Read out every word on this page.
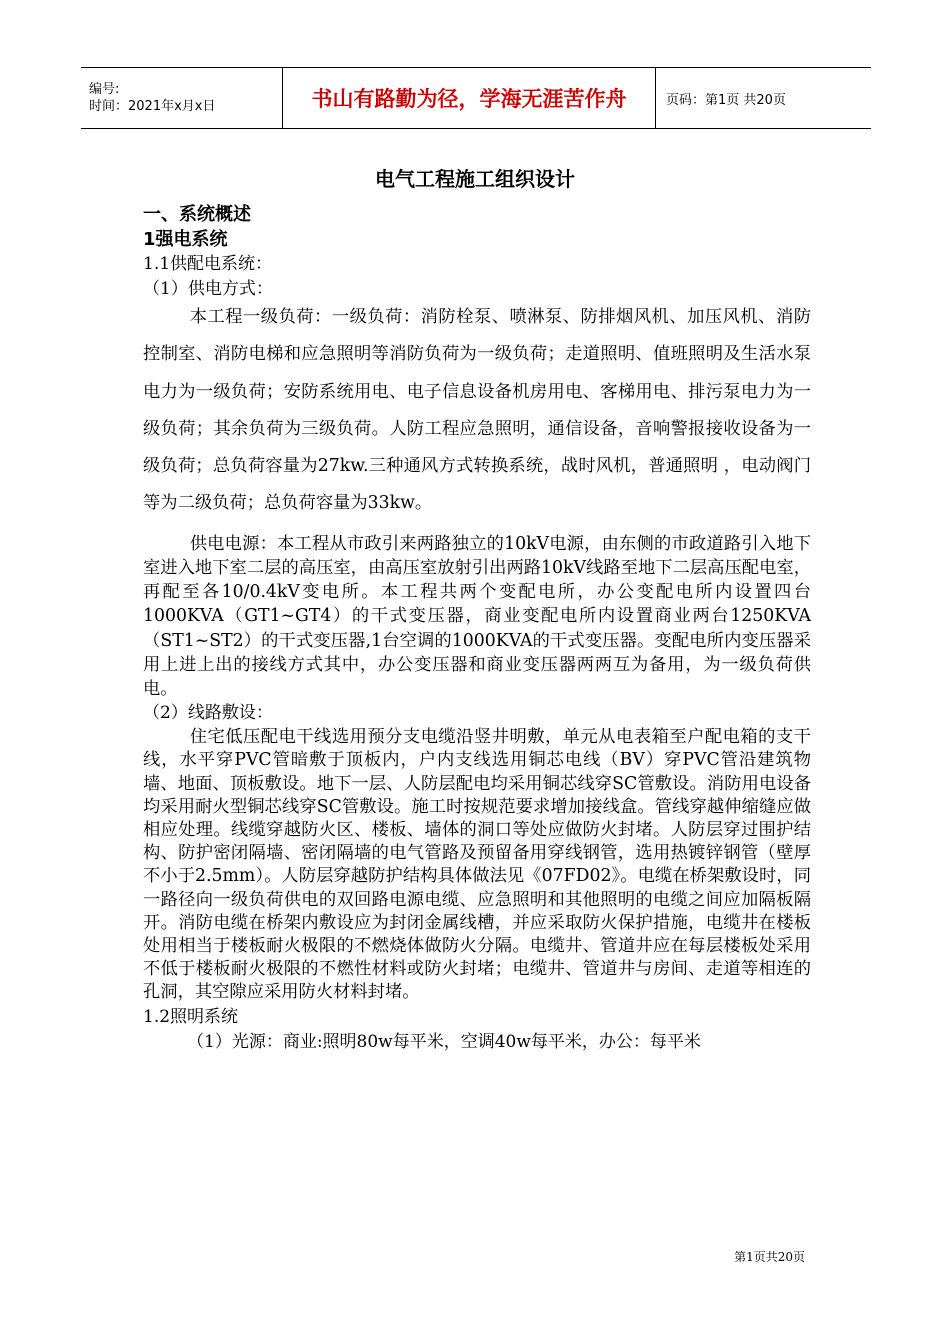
编号:
时间：2021年x月x日	书山有路勤为径，学海无涯苦作舟	页码：第1页 共20页
电气工程施工组织设计

一、系统概述

1强电系统

1.1供配电系统：

（1）供电方式：

本工程一级负荷：一级负荷：消防栓泵、喷淋泵、防排烟风机、加压风机、消防控制室、消防电梯和应急照明等消防负荷为一级负荷；走道照明、值班照明及生活水泵电力为一级负荷；安防系统用电、电子信息设备机房用电、客梯用电、排污泵电力为一级负荷；其余负荷为三级负荷。人防工程应急照明，通信设备，音响警报接收设备为一级负荷；总负荷容量为27kw.三种通风方式转换系统，战时风机，普通照明 ，电动阀门等为二级负荷；总负荷容量为33kw。

供电电源：本工程从市政引来两路独立的10kV电源，由东侧的市政道路引入地下室进入地下室二层的高压室，由高压室放射引出两路10kV线路至地下二层高压配电室，再配至各10/0.4kV变电所。本工程共两个变配电所，办公变配电所内设置四台1000KVA（GT1~GT4）的干式变压器，商业变配电所内设置商业两台1250KVA（ST1~ST2）的干式变压器,1台空调的1000KVA的干式变压器。变配电所内变压器采用上进上出的接线方式其中，办公变压器和商业变压器两两互为备用，为一级负荷供电。

（2）线路敷设：

住宅低压配电干线选用预分支电缆沿竖井明敷，单元从电表箱至户配电箱的支干线，水平穿PVC管暗敷于顶板内，户内支线选用铜芯电线（BV）穿PVC管沿建筑物墙、地面、顶板敷设。地下一层、人防层配电均采用铜芯线穿SC管敷设。消防用电设备均采用耐火型铜芯线穿SC管敷设。施工时按规范要求增加接线盒。管线穿越伸缩缝应做相应处理。线缆穿越防火区、楼板、墙体的洞口等处应做防火封堵。人防层穿过围护结构、防护密闭隔墙、密闭隔墙的电气管路及预留备用穿线钢管，选用热镀锌钢管（壁厚不小于2.5mm）。人防层穿越防护结构具体做法见《07FD02》。电缆在桥架敷设时，同一路径向一级负荷供电的双回路电源电缆、应急照明和其他照明的电缆之间应加隔板隔开。消防电缆在桥架内敷设应为封闭金属线槽，并应采取防火保护措施，电缆井在楼板处用相当于楼板耐火极限的不燃烧体做防火分隔。电缆井、管道井应在每层楼板处采用不低于楼板耐火极限的不燃性材料或防火封堵；电缆井、管道井与房间、走道等相连的孔洞，其空隙应采用防火材料封堵。

1.2照明系统

（1）光源：商业:照明80w每平米，空调40w每平米，办公：每平米

第1页共20页
